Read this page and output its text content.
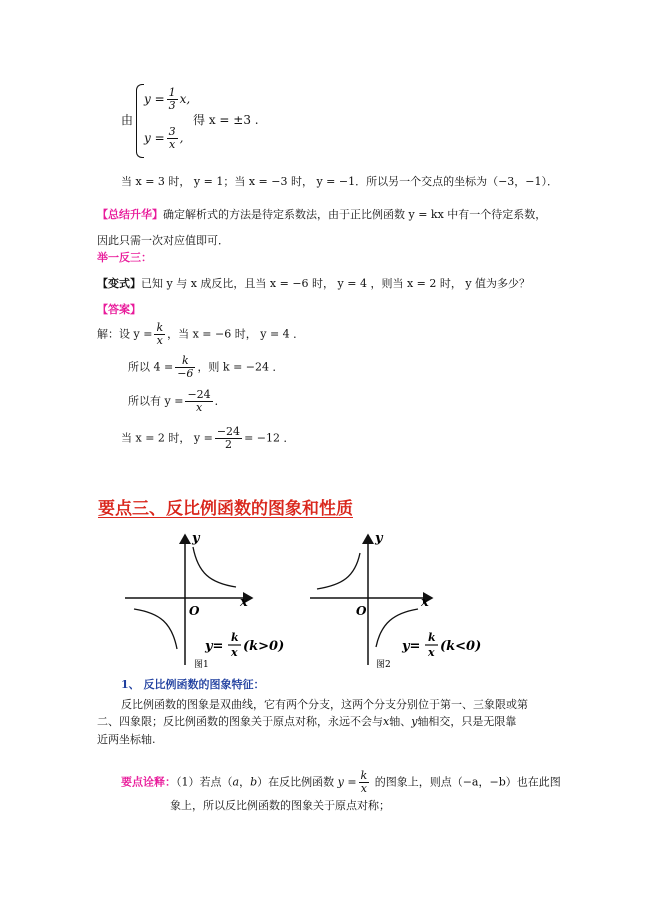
由
$y = \frac{1}{3} x$,
$y = \frac{3}{x}$ ,
得 x = ±3 .
当 x = 3 时， y = 1；当 x = −3 时， y = −1．所以另一个交点的坐标为（−3，−1）．
【总结升华】确定解析式的方法是待定系数法，由于正比例函数 y = kx 中有一个待定系数，
因此只需一次对应值即可．
举一反三：
【变式】已知 y 与 x 成反比，且当 x = −6 时， y = 4 ，则当 x = 2 时， y 值为多少？
【答案】
解：设 $y = \frac{k}{x}$ ，当 x = −6 时， y = 4 ．
所以 $4 = \frac{k}{-6}$ ，则 k = −24 ．
所以有 $y = \frac{-24}{x}$ ．
当 x = 2 时， $y = \frac{-24}{2} = -12$ ．
要点三、反比例函数的图象和性质
y
x
O
y=
k
x (k>0)
图1
y
x
O
y=
k
x (k<0)
图2
1、 反比例函数的图象特征：
反比例函数的图象是双曲线，它有两个分支，这两个分支分别位于第一、三象限或第
二、四象限；反比例函数的图象关于原点对称，永远不会与x轴、y轴相交，只是无限靠
近两坐标轴.
要点诠释：（1）若点（a，b）在反比例函数 $y = \frac{k}{x}$ 的图象上，则点（−a，−b）也在此图
象上，所以反比例函数的图象关于原点对称；
